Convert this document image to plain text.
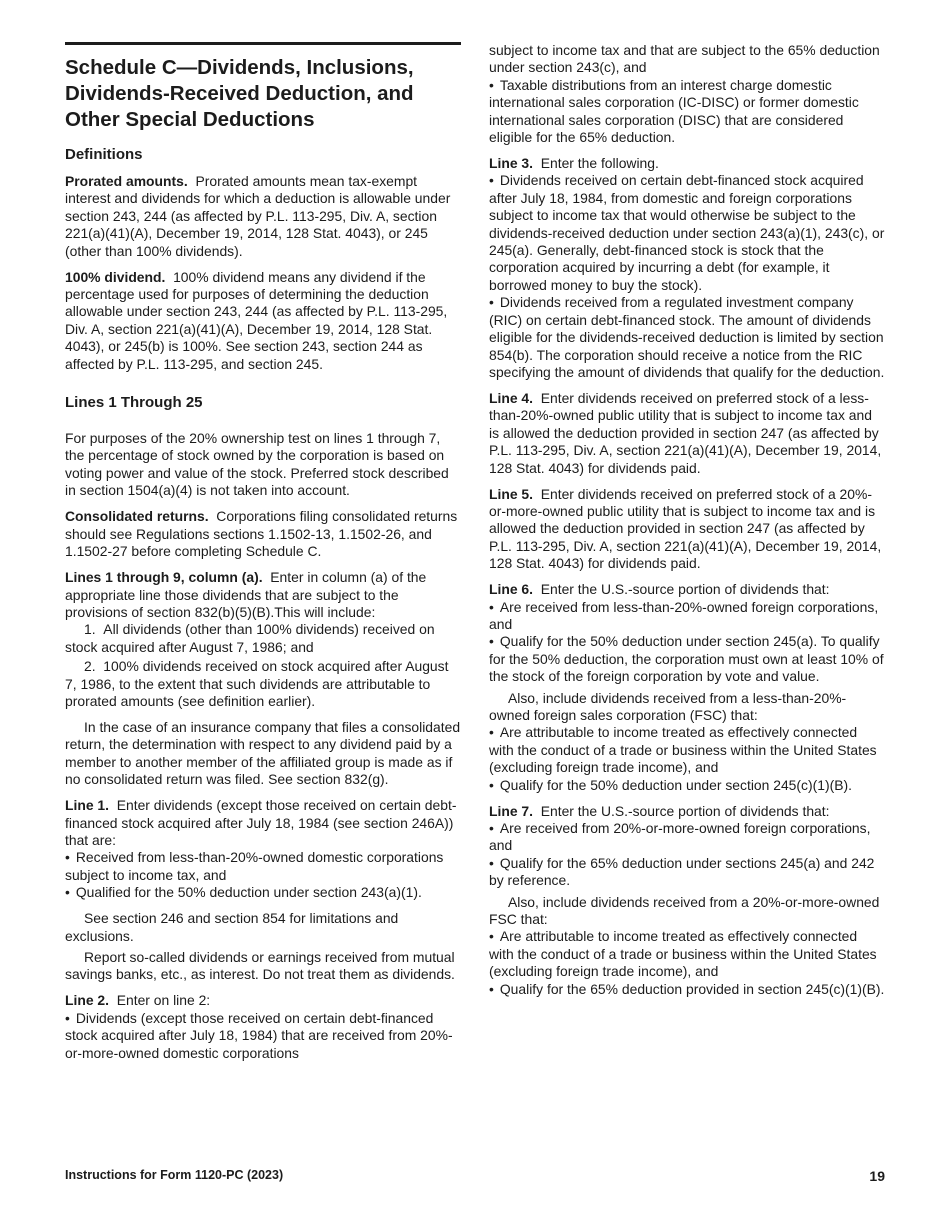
Schedule C—Dividends, Inclusions, Dividends-Received Deduction, and Other Special Deductions
Definitions

Prorated amounts. Prorated amounts mean tax-exempt interest and dividends for which a deduction is allowable under section 243, 244 (as affected by P.L. 113-295, Div. A, section 221(a)(41)(A), December 19, 2014, 128 Stat. 4043), or 245 (other than 100% dividends).

100% dividend. 100% dividend means any dividend if the percentage used for purposes of determining the deduction allowable under section 243, 244 (as affected by P.L. 113-295, Div. A, section 221(a)(41)(A), December 19, 2014, 128 Stat. 4043), or 245(b) is 100%. See section 243, section 244 as affected by P.L. 113-295, and section 245.

Lines 1 Through 25

For purposes of the 20% ownership test on lines 1 through 7, the percentage of stock owned by the corporation is based on voting power and value of the stock. Preferred stock described in section 1504(a)(4) is not taken into account.

Consolidated returns. Corporations filing consolidated returns should see Regulations sections 1.1502-13, 1.1502-26, and 1.1502-27 before completing Schedule C.

Lines 1 through 9, column (a). Enter in column (a) of the appropriate line those dividends that are subject to the provisions of section 832(b)(5)(B).This will include:

1.  All dividends (other than 100% dividends) received on stock acquired after August 7, 1986; and

2.  100% dividends received on stock acquired after August 7, 1986, to the extent that such dividends are attributable to prorated amounts (see definition earlier).

In the case of an insurance company that files a consolidated return, the determination with respect to any dividend paid by a member to another member of the affiliated group is made as if no consolidated return was filed. See section 832(g).

Line 1. Enter dividends (except those received on certain debt-financed stock acquired after July 18, 1984 (see section 246A)) that are:

• Received from less-than-20%-owned domestic corporations subject to income tax, and

• Qualified for the 50% deduction under section 243(a)(1).

See section 246 and section 854 for limitations and exclusions.

Report so-called dividends or earnings received from mutual savings banks, etc., as interest. Do not treat them as dividends.

Line 2. Enter on line 2:

• Dividends (except those received on certain debt-financed stock acquired after July 18, 1984) that are received from 20%-or-more-owned domestic corporations

subject to income tax and that are subject to the 65% deduction under section 243(c), and

• Taxable distributions from an interest charge domestic international sales corporation (IC-DISC) or former domestic international sales corporation (DISC) that are considered eligible for the 65% deduction.

Line 3. Enter the following.

• Dividends received on certain debt-financed stock acquired after July 18, 1984, from domestic and foreign corporations subject to income tax that would otherwise be subject to the dividends-received deduction under section 243(a)(1), 243(c), or 245(a). Generally, debt-financed stock is stock that the corporation acquired by incurring a debt (for example, it borrowed money to buy the stock).

• Dividends received from a regulated investment company (RIC) on certain debt-financed stock. The amount of dividends eligible for the dividends-received deduction is limited by section 854(b). The corporation should receive a notice from the RIC specifying the amount of dividends that qualify for the deduction.

Line 4. Enter dividends received on preferred stock of a less-than-20%-owned public utility that is subject to income tax and is allowed the deduction provided in section 247 (as affected by P.L. 113-295, Div. A, section 221(a)(41)(A), December 19, 2014, 128 Stat. 4043) for dividends paid.

Line 5. Enter dividends received on preferred stock of a 20%-or-more-owned public utility that is subject to income tax and is allowed the deduction provided in section 247 (as affected by P.L. 113-295, Div. A, section 221(a)(41)(A), December 19, 2014, 128 Stat. 4043) for dividends paid.

Line 6. Enter the U.S.-source portion of dividends that:

• Are received from less-than-20%-owned foreign corporations, and

• Qualify for the 50% deduction under section 245(a). To qualify for the 50% deduction, the corporation must own at least 10% of the stock of the foreign corporation by vote and value.

Also, include dividends received from a less-than-20%-owned foreign sales corporation (FSC) that:

• Are attributable to income treated as effectively connected with the conduct of a trade or business within the United States (excluding foreign trade income), and

• Qualify for the 50% deduction under section 245(c)(1)(B).

Line 7. Enter the U.S.-source portion of dividends that:

• Are received from 20%-or-more-owned foreign corporations, and

• Qualify for the 65% deduction under sections 245(a) and 242 by reference.

Also, include dividends received from a 20%-or-more-owned FSC that:

• Are attributable to income treated as effectively connected with the conduct of a trade or business within the United States (excluding foreign trade income), and

• Qualify for the 65% deduction provided in section 245(c)(1)(B).

Instructions for Form 1120-PC (2023)	19
